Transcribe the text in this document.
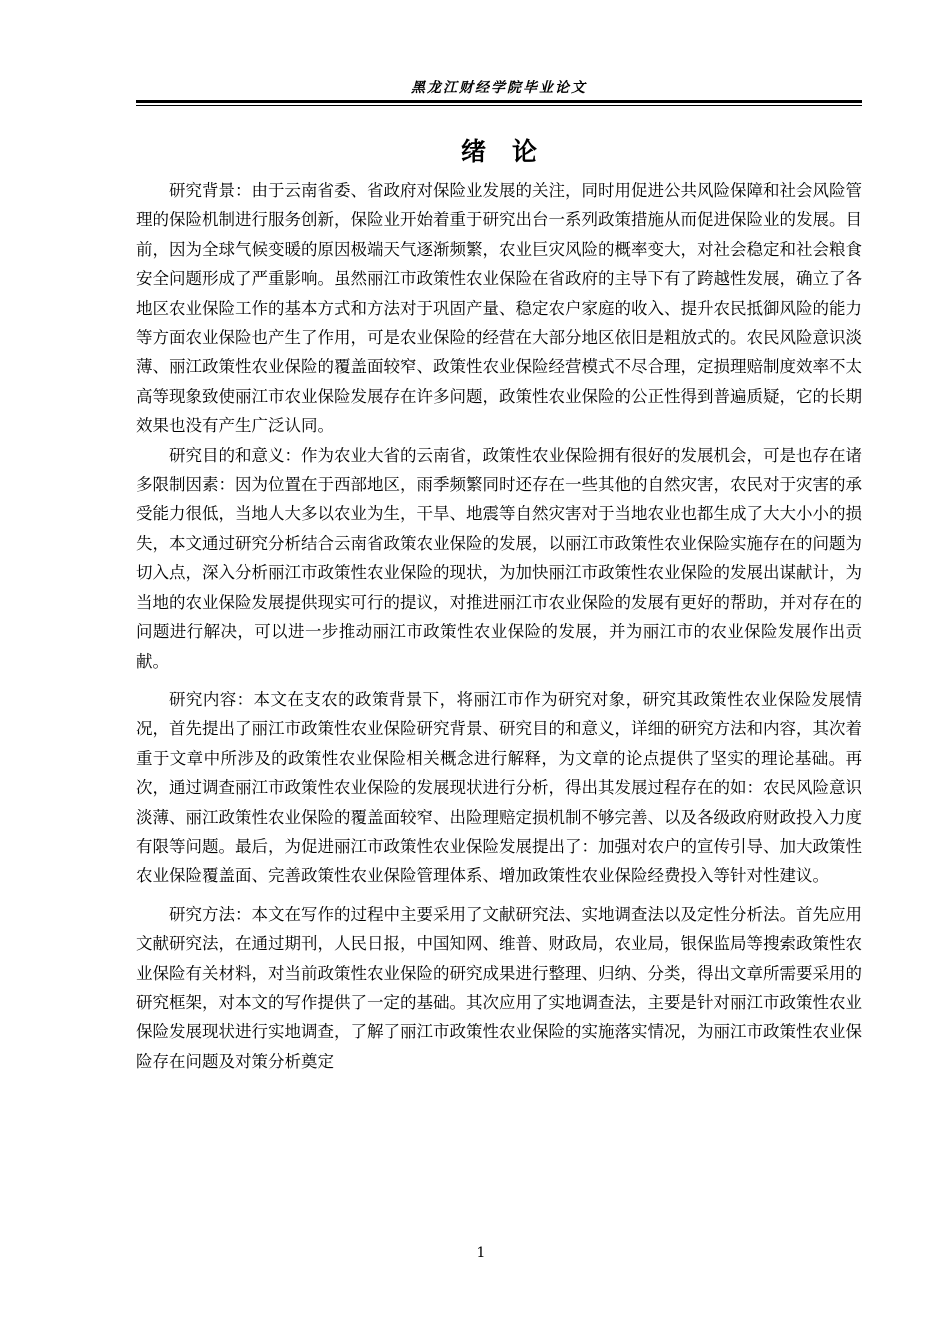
黑龙江财经学院毕业论文
绪论

研究背景：由于云南省委、省政府对保险业发展的关注，同时用促进公共风险保障和社会风险管理的保险机制进行服务创新，保险业开始着重于研究出台一系列政策措施从而促进保险业的发展。目前，因为全球气候变暖的原因极端天气逐渐频繁，农业巨灾风险的概率变大，对社会稳定和社会粮食安全问题形成了严重影响。虽然丽江市政策性农业保险在省政府的主导下有了跨越性发展，确立了各地区农业保险工作的基本方式和方法对于巩固产量、稳定农户家庭的收入、提升农民抵御风险的能力等方面农业保险也产生了作用，可是农业保险的经营在大部分地区依旧是粗放式的。农民风险意识淡薄、丽江政策性农业保险的覆盖面较窄、政策性农业保险经营模式不尽合理，定损理赔制度效率不太高等现象致使丽江市农业保险发展存在许多问题，政策性农业保险的公正性得到普遍质疑，它的长期效果也没有产生广泛认同。

研究目的和意义：作为农业大省的云南省，政策性农业保险拥有很好的发展机会，可是也存在诸多限制因素：因为位置在于西部地区，雨季频繁同时还存在一些其他的自然灾害，农民对于灾害的承受能力很低，当地人大多以农业为生，干旱、地震等自然灾害对于当地农业也都生成了大大小小的损失，本文通过研究分析结合云南省政策农业保险的发展，以丽江市政策性农业保险实施存在的问题为切入点，深入分析丽江市政策性农业保险的现状，为加快丽江市政策性农业保险的发展出谋献计，为当地的农业保险发展提供现实可行的提议，对推进丽江市农业保险的发展有更好的帮助，并对存在的问题进行解决，可以进一步推动丽江市政策性农业保险的发展，并为丽江市的农业保险发展作出贡献。

研究内容：本文在支农的政策背景下，将丽江市作为研究对象，研究其政策性农业保险发展情况，首先提出了丽江市政策性农业保险研究背景、研究目的和意义，详细的研究方法和内容，其次着重于文章中所涉及的政策性农业保险相关概念进行解释，为文章的论点提供了坚实的理论基础。再次，通过调查丽江市政策性农业保险的发展现状进行分析，得出其发展过程存在的如：农民风险意识淡薄、丽江政策性农业保险的覆盖面较窄、出险理赔定损机制不够完善、以及各级政府财政投入力度有限等问题。最后，为促进丽江市政策性农业保险发展提出了：加强对农户的宣传引导、加大政策性农业保险覆盖面、完善政策性农业保险管理体系、增加政策性农业保险经费投入等针对性建议。

研究方法：本文在写作的过程中主要采用了文献研究法、实地调查法以及定性分析法。首先应用文献研究法，在通过期刊，人民日报，中国知网、维普、财政局，农业局，银保监局等搜索政策性农业保险有关材料，对当前政策性农业保险的研究成果进行整理、归纳、分类，得出文章所需要采用的研究框架，对本文的写作提供了一定的基础。其次应用了实地调查法，主要是针对丽江市政策性农业保险发展现状进行实地调查，了解了丽江市政策性农业保险的实施落实情况，为丽江市政策性农业保险存在问题及对策分析奠定

1
